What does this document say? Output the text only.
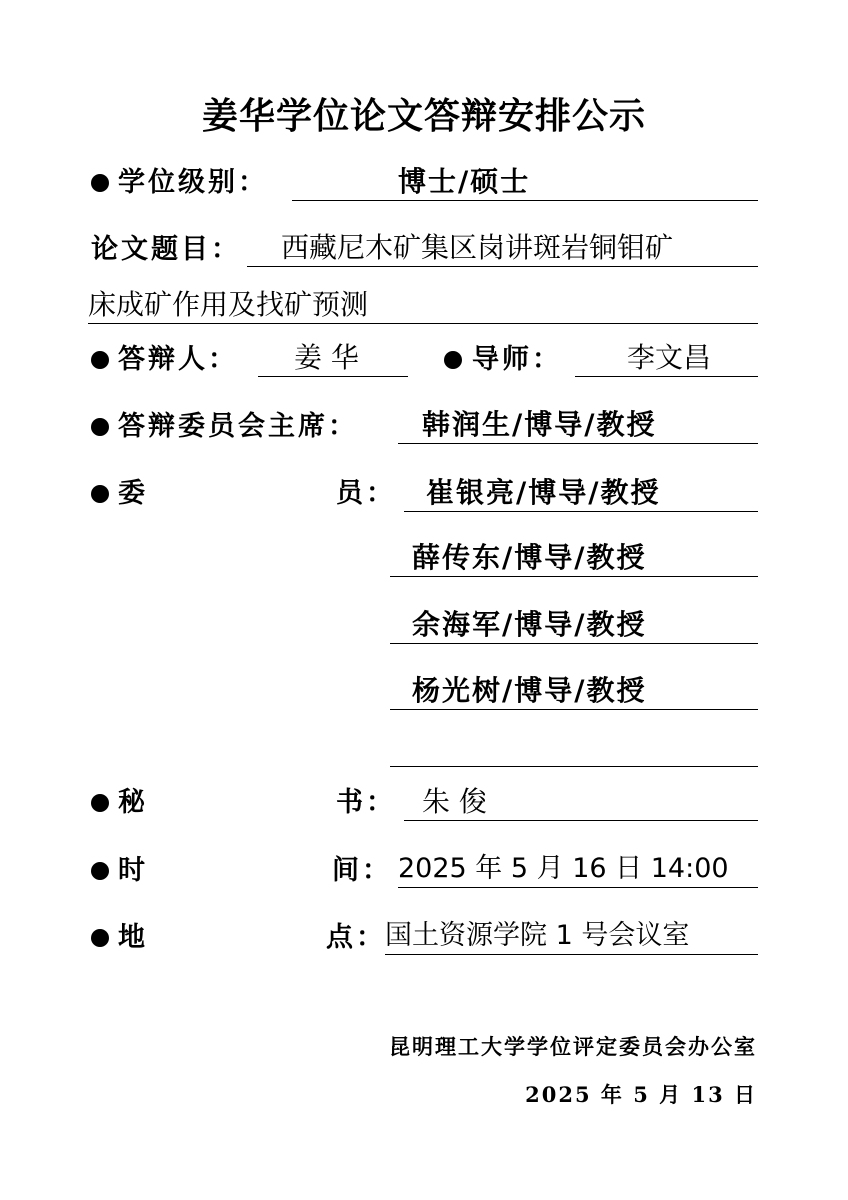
姜华学位论文答辩安排公示
学位级别：	博士/硕士
论文题目： 西藏尼木矿集区岗讲斑岩铜钼矿
床成矿作用及找矿预测
答辩人： 姜 华	导师： 李文昌
答辩委员会主席： 韩润生/博导/教授
委	员： 崔银亮/博导/教授
薛传东/博导/教授
余海军/博导/教授
杨光树/博导/教授
秘	书： 朱 俊
时	间： 2025 年 5 月 16 日 14:00
地	点： 国土资源学院 1 号会议室
昆明理工大学学位评定委员会办公室
2025 年 5 月 13 日
